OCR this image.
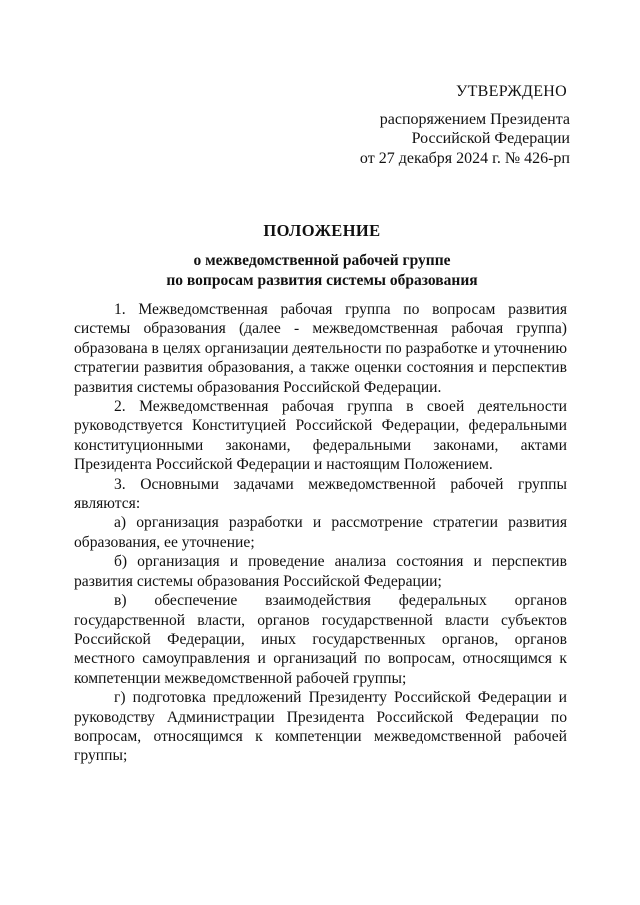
УТВЕРЖДЕНО
распоряжением Президента
Российской Федерации
от 27 декабря 2024 г. № 426-рп
ПОЛОЖЕНИЕ
о межведомственной рабочей группе
по вопросам развития системы образования

1. Межведомственная рабочая группа по вопросам развития системы образования (далее - межведомственная рабочая группа) образована в целях организации деятельности по разработке и уточнению стратегии развития образования, а также оценки состояния и перспектив развития системы образования Российской Федерации.

2. Межведомственная рабочая группа в своей деятельности руководствуется Конституцией Российской Федерации, федеральными конституционными законами, федеральными законами, актами Президента Российской Федерации и настоящим Положением.

3. Основными задачами межведомственной рабочей группы являются:

а) организация разработки и рассмотрение стратегии развития образования, ее уточнение;

б) организация и проведение анализа состояния и перспектив развития системы образования Российской Федерации;

в) обеспечение взаимодействия федеральных органов государственной власти, органов государственной власти субъектов Российской Федерации, иных государственных органов, органов местного самоуправления и организаций по вопросам, относящимся к компетенции межведомственной рабочей группы;

г) подготовка предложений Президенту Российской Федерации и руководству Администрации Президента Российской Федерации по вопросам, относящимся к компетенции межведомственной рабочей группы;
